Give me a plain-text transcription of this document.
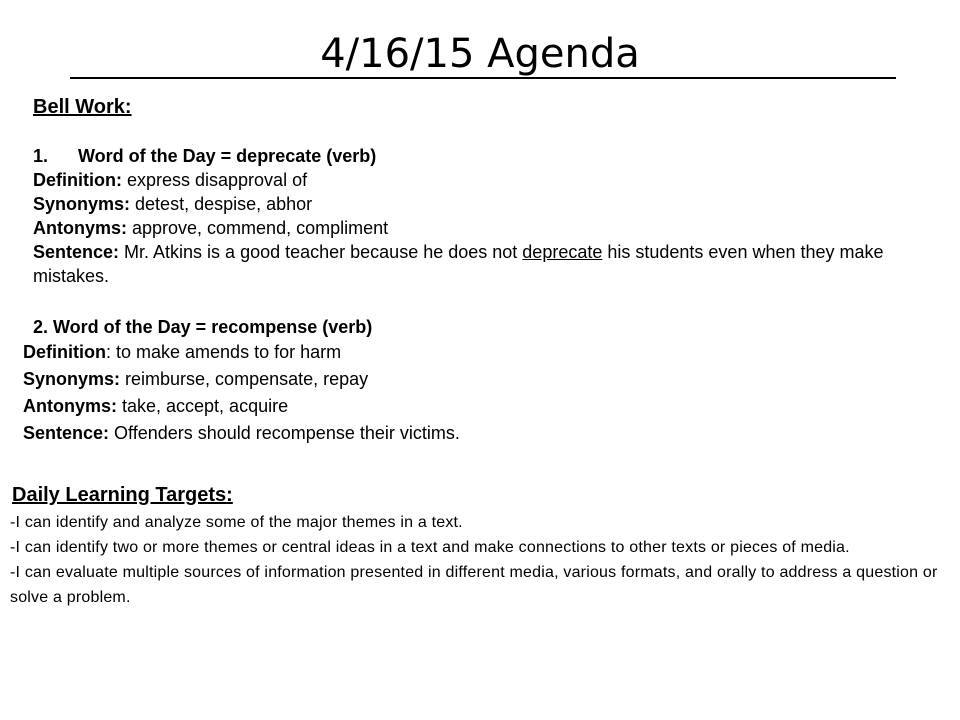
4/16/15 Agenda
Bell Work:
1. Word of the Day = deprecate (verb)
Definition: express disapproval of
Synonyms: detest, despise, abhor
Antonyms: approve, commend, compliment
Sentence: Mr. Atkins is a good teacher because he does not deprecate his students even when they make mistakes.
2. Word of the Day = recompense (verb)
Definition: to make amends to for harm
Synonyms: reimburse, compensate, repay
Antonyms: take, accept, acquire
Sentence: Offenders should recompense their victims.
Daily Learning Targets:
-I can identify and analyze some of the major themes in a text.
-I can identify two or more themes or central ideas in a text and make connections to other texts or pieces of media.
-I can evaluate multiple sources of information presented in different media, various formats, and orally to address a question or solve a problem.
